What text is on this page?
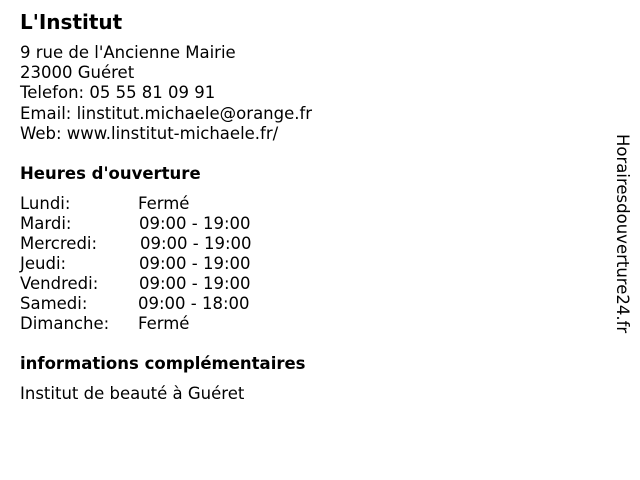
L'Institut
9 rue de l'Ancienne Mairie
23000 Guéret
Telefon: 05 55 81 09 91
Email: linstitut.michaele@orange.fr
Web: www.linstitut-michaele.fr/
Heures d'ouverture
Lundi:	Fermé
Mardi:	09:00 - 19:00
Mercredi:	09:00 - 19:00
Jeudi:	09:00 - 19:00
Vendredi: 09:00 - 19:00
Samedi:	09:00 - 18:00
Dimanche: Fermé
informations complémentaires
Institut de beauté à Guéret
Horairesdouverture24.fr
